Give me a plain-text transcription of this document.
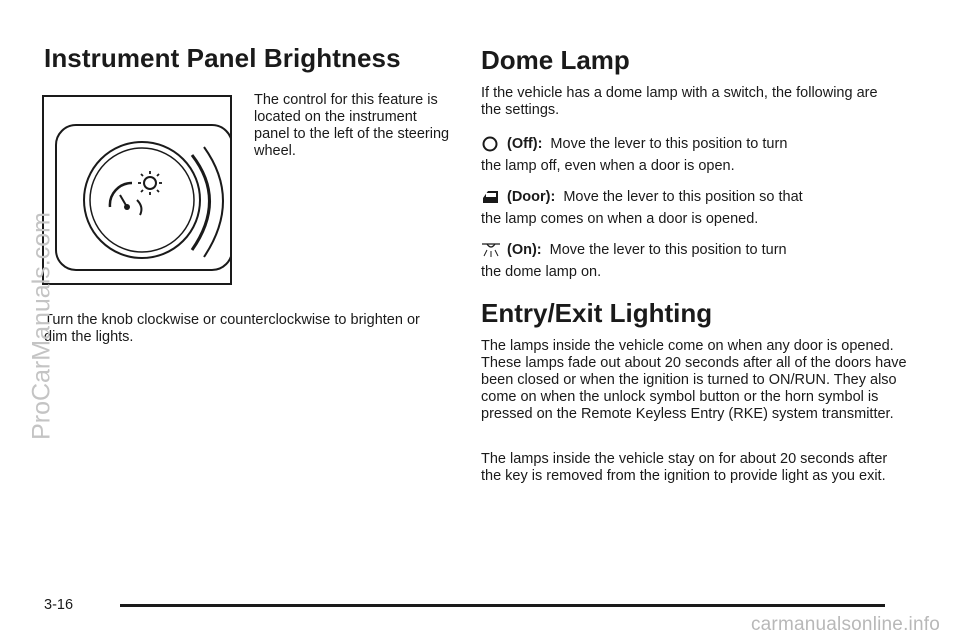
Instrument Panel Brightness

The control for this feature is located on the instrument panel to the left of the steering wheel.

Turn the knob clockwise or counterclockwise to brighten or dim the lights.

Dome Lamp

If the vehicle has a dome lamp with a switch, the following are the settings.

(Off): Move the lever to this position to turn
the lamp off, even when a door is open.
(Door): Move the lever to this position so that
the lamp comes on when a door is opened.
(On): Move the lever to this position to turn
the dome lamp on.
Entry/Exit Lighting

The lamps inside the vehicle come on when any door is opened. These lamps fade out about 20 seconds after all of the doors have been closed or when the ignition is turned to ON/RUN. They also come on when the unlock symbol button or the horn symbol is pressed on the Remote Keyless Entry (RKE) system transmitter.

The lamps inside the vehicle stay on for about 20 seconds after the key is removed from the ignition to provide light as you exit.

ProCarManuals.com
3-16
carmanualsonline.info
